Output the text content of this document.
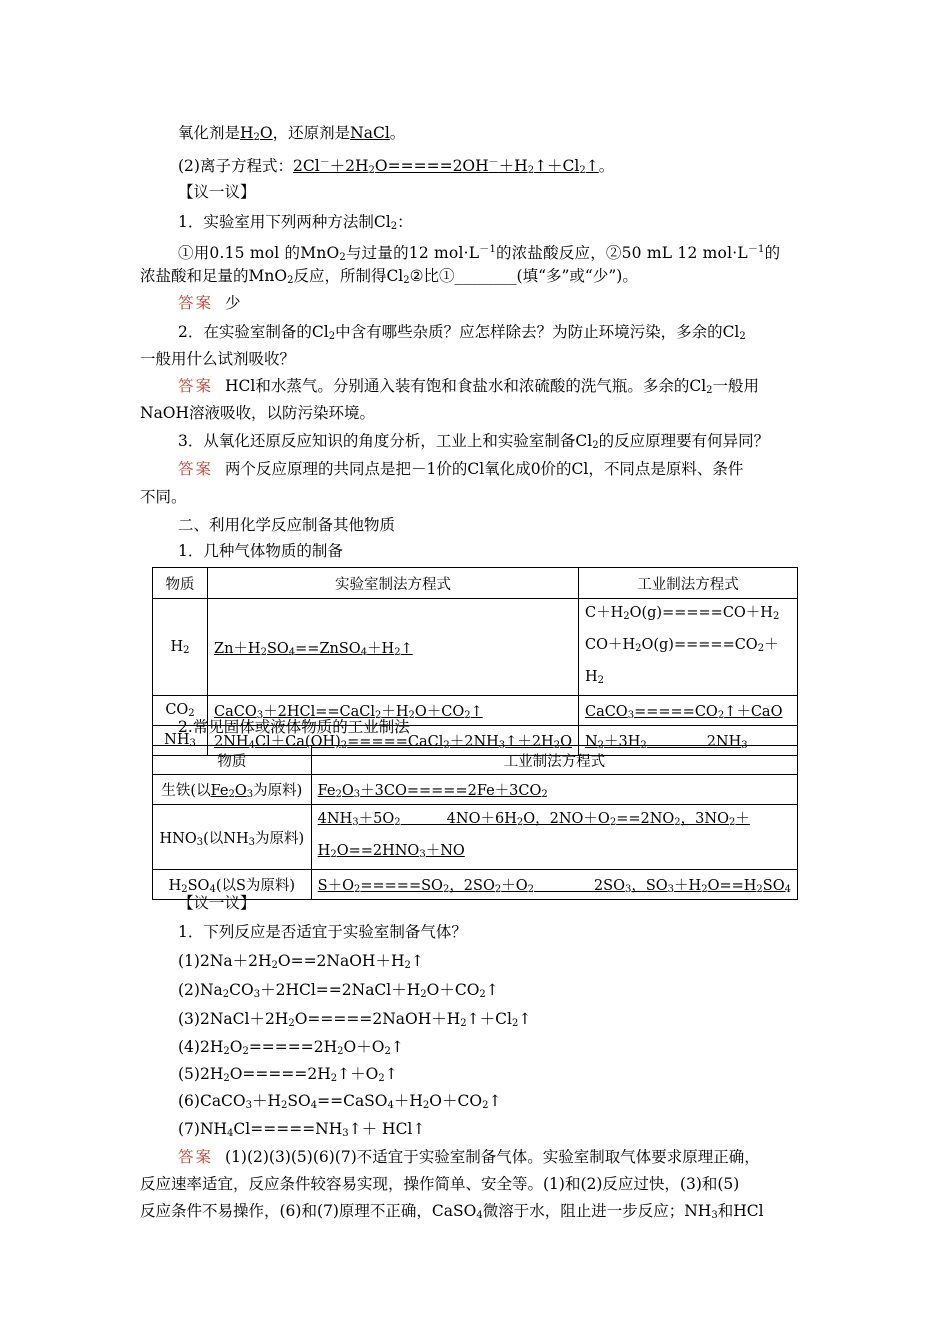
氧化剂是$H_2O$，还原剂是NaCl。
(2)离子方程式：$2Cl^-+2H_2O=====2OH^-+H_2↑+Cl_2↑$。
【议一议】
1．实验室用下列两种方法制$Cl_2$：
①用0.15 mol 的MnO$_2$与过量的12 $mol\cdot L^{-1}$的浓盐酸反应，②50 mL 12 $mol\cdot L^{-1}$的
浓盐酸和足量的MnO$_2$反应，所制得$Cl_2②$比①________(填“多”或“少”)。
答案 少
2．在实验室制备的$Cl_2$中含有哪些杂质？应怎样除去？为防止环境污染，多余的$Cl_2$
一般用什么试剂吸收？
答案 HCl和水蒸气。分别通入装有饱和食盐水和浓硫酸的洗气瓶。多余的$Cl_2$一般用
NaOH溶液吸收，以防污染环境。
3．从氧化还原反应知识的角度分析，工业上和实验室制备$Cl_2$的反应原理要有何异同？
答案 两个反应原理的共同点是把－1价的Cl氧化成0价的Cl，不同点是原料、条件
不同。
二、利用化学反应制备其他物质
1．几种气体物质的制备
物质	实验室制法方程式	工业制法方程式
$H_2$	$Zn+H_2SO_4==ZnSO_4+H_2↑$	$C+H_2O(g)=====CO+H_2$
$CO+H_2O(g)=====CO_2+H_2$
$CO_2$	$CaCO_3+2HCl==CaCl_2+H_2O+CO_2↑$	$CaCO_3=====CO_2↑+CaO$
$NH_3$	$2NH_4Cl+Ca(OH)_2=====CaCl_2+2NH_3↑+2H_2O$	$N_2+3H_2$             $2NH_3$
2.常见固体或液体物质的工业制法
物质	工业制法方程式
生铁(以$Fe_2O_3$为原料)	$Fe_2O_3+3CO=====2Fe+3CO_2$
$HNO_3$(以$NH_3$为原料)	$4NH_3+5O_2$          $4NO+6H_2O$，$2NO+O_2==2NO_2$，$3NO_2+$
$H_2O==2HNO_3+NO$
$H_2SO_4$(以S为原料)	$S+O_2=====SO_2$，$2SO_2+O_2$             $2SO_3$，$SO_3+H_2O==H_2SO_4$
【议一议】
1．下列反应是否适宜于实验室制备气体？
$(1)2Na+2H_2O==2NaOH+H_2↑$
$(2)Na_2CO_3+2HCl==2NaCl+H_2O+CO_2↑$
$(3)2NaCl+2H_2O=====2NaOH+H_2↑+Cl_2↑$
$(4)2H_2O_2=====2H_2O+O_2↑$
$(5)2H_2O=====2H_2↑+O_2↑$
$(6)CaCO_3+H_2SO_4==CaSO_4+H_2O+CO_2↑$
$(7)NH_4Cl=====NH_3↑+$ HCl↑
答案 (1)(2)(3)(5)(6)(7)不适宜于实验室制备气体。实验室制取气体要求原理正确，
反应速率适宜，反应条件较容易实现，操作简单、安全等。(1)和(2)反应过快，(3)和(5)
反应条件不易操作，(6)和(7)原理不正确，CaSO$_4$微溶于水，阻止进一步反应；$NH_3$和HCl
